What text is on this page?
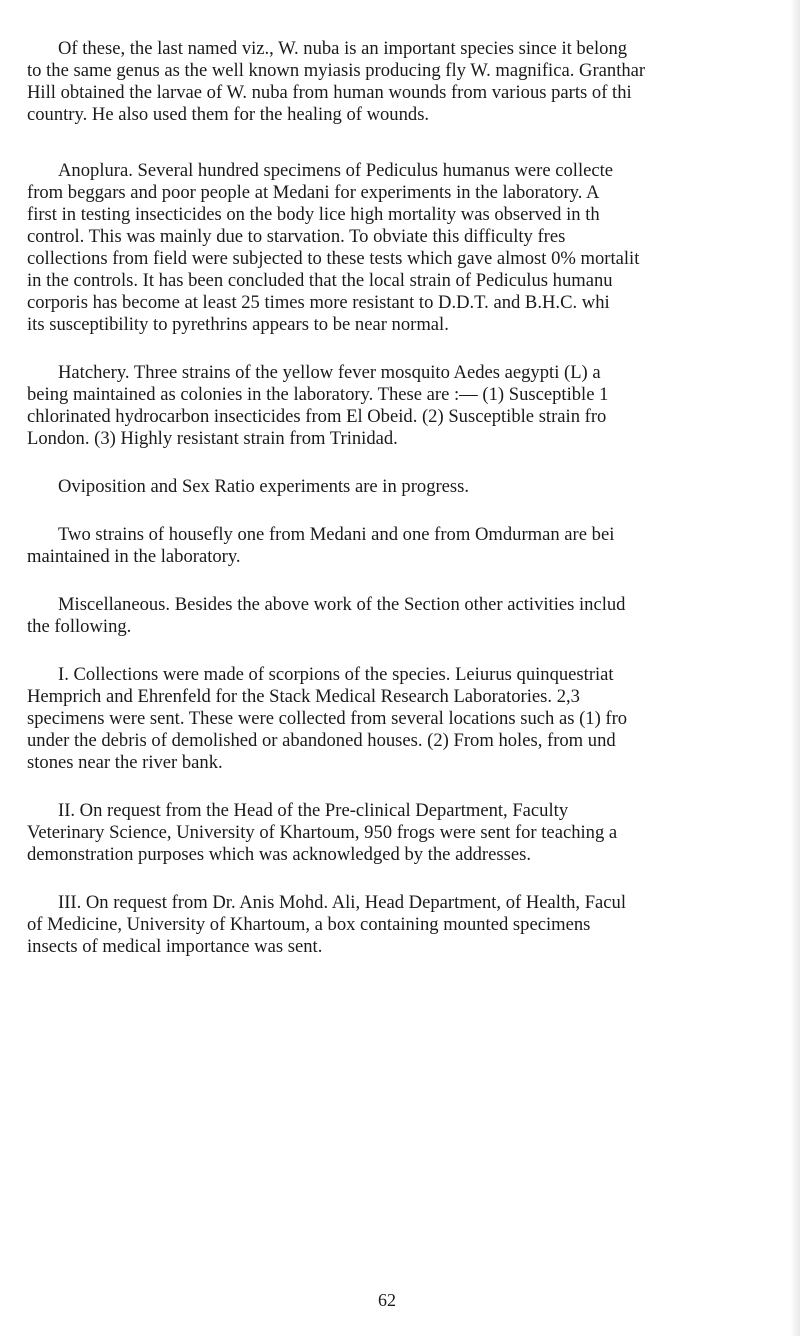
Of these, the last named viz., W. nuba is an important species since it belong
to the same genus as the well known myiasis producing fly W. magnifica. Granthar
Hill obtained the larvae of W. nuba from human wounds from various parts of thi
country. He also used them for the healing of wounds.

Anoplura. Several hundred specimens of Pediculus humanus were collecte
from beggars and poor people at Medani for experiments in the laboratory. A
first in testing insecticides on the body lice high mortality was observed in th
control. This was mainly due to starvation. To obviate this difficulty fres
collections from field were subjected to these tests which gave almost 0% mortalit
in the controls. It has been concluded that the local strain of Pediculus humanu
corporis has become at least 25 times more resistant to D.D.T. and B.H.C. whi
its susceptibility to pyrethrins appears to be near normal.

Hatchery. Three strains of the yellow fever mosquito Aedes aegypti (L) a
being maintained as colonies in the laboratory. These are :— (1) Susceptible 1
chlorinated hydrocarbon insecticides from El Obeid. (2) Susceptible strain fro
London. (3) Highly resistant strain from Trinidad.

Oviposition and Sex Ratio experiments are in progress.

Two strains of housefly one from Medani and one from Omdurman are bei
maintained in the laboratory.

Miscellaneous. Besides the above work of the Section other activities includ
the following.

I. Collections were made of scorpions of the species. Leiurus quinquestriat
Hemprich and Ehrenfeld for the Stack Medical Research Laboratories. 2,3
specimens were sent. These were collected from several locations such as (1) fro
under the debris of demolished or abandoned houses. (2) From holes, from und
stones near the river bank.

II. On request from the Head of the Pre-clinical Department, Faculty
Veterinary Science, University of Khartoum, 950 frogs were sent for teaching a
demonstration purposes which was acknowledged by the addresses.

III. On request from Dr. Anis Mohd. Ali, Head Department, of Health, Facul
of Medicine, University of Khartoum, a box containing mounted specimens
insects of medical importance was sent.

62
